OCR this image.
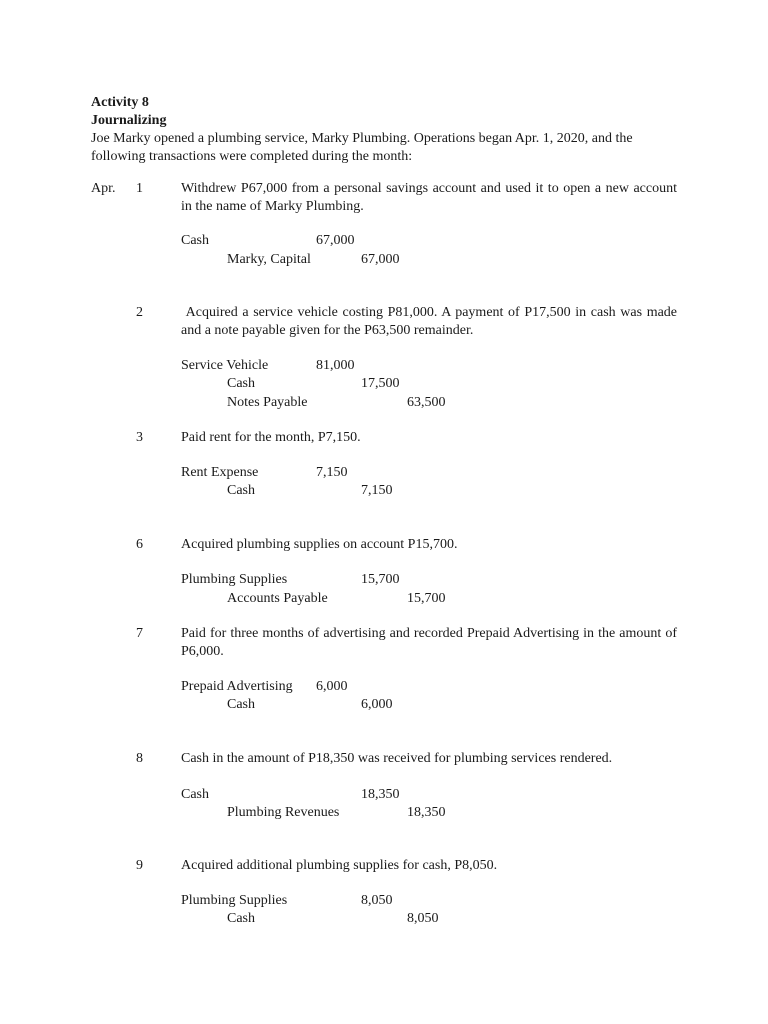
Activity 8
Journalizing
Joe Marky opened a plumbing service, Marky Plumbing. Operations began Apr. 1, 2020, and the
following transactions were completed during the month:
Apr. 1	Withdrew P67,000 from a personal savings account and used it to open a new account in the name of Marky Plumbing.
Cash	67,000
Marky, Capital	67,000
2	Acquired a service vehicle costing P81,000. A payment of P17,500 in cash was made and a note payable given for the P63,500 remainder.
Service Vehicle	81,000
Cash	17,500
Notes Payable	63,500
3	Paid rent for the month, P7,150.
Rent Expense	7,150
Cash	7,150
6	Acquired plumbing supplies on account P15,700.
Plumbing Supplies	15,700
Accounts Payable	15,700
7	Paid for three months of advertising and recorded Prepaid Advertising in the amount of P6,000.
Prepaid Advertising 6,000
Cash	6,000
8	Cash in the amount of P18,350 was received for plumbing services rendered.
Cash	18,350
Plumbing Revenues	18,350
9	Acquired additional plumbing supplies for cash, P8,050.
Plumbing Supplies	8,050
Cash	8,050
